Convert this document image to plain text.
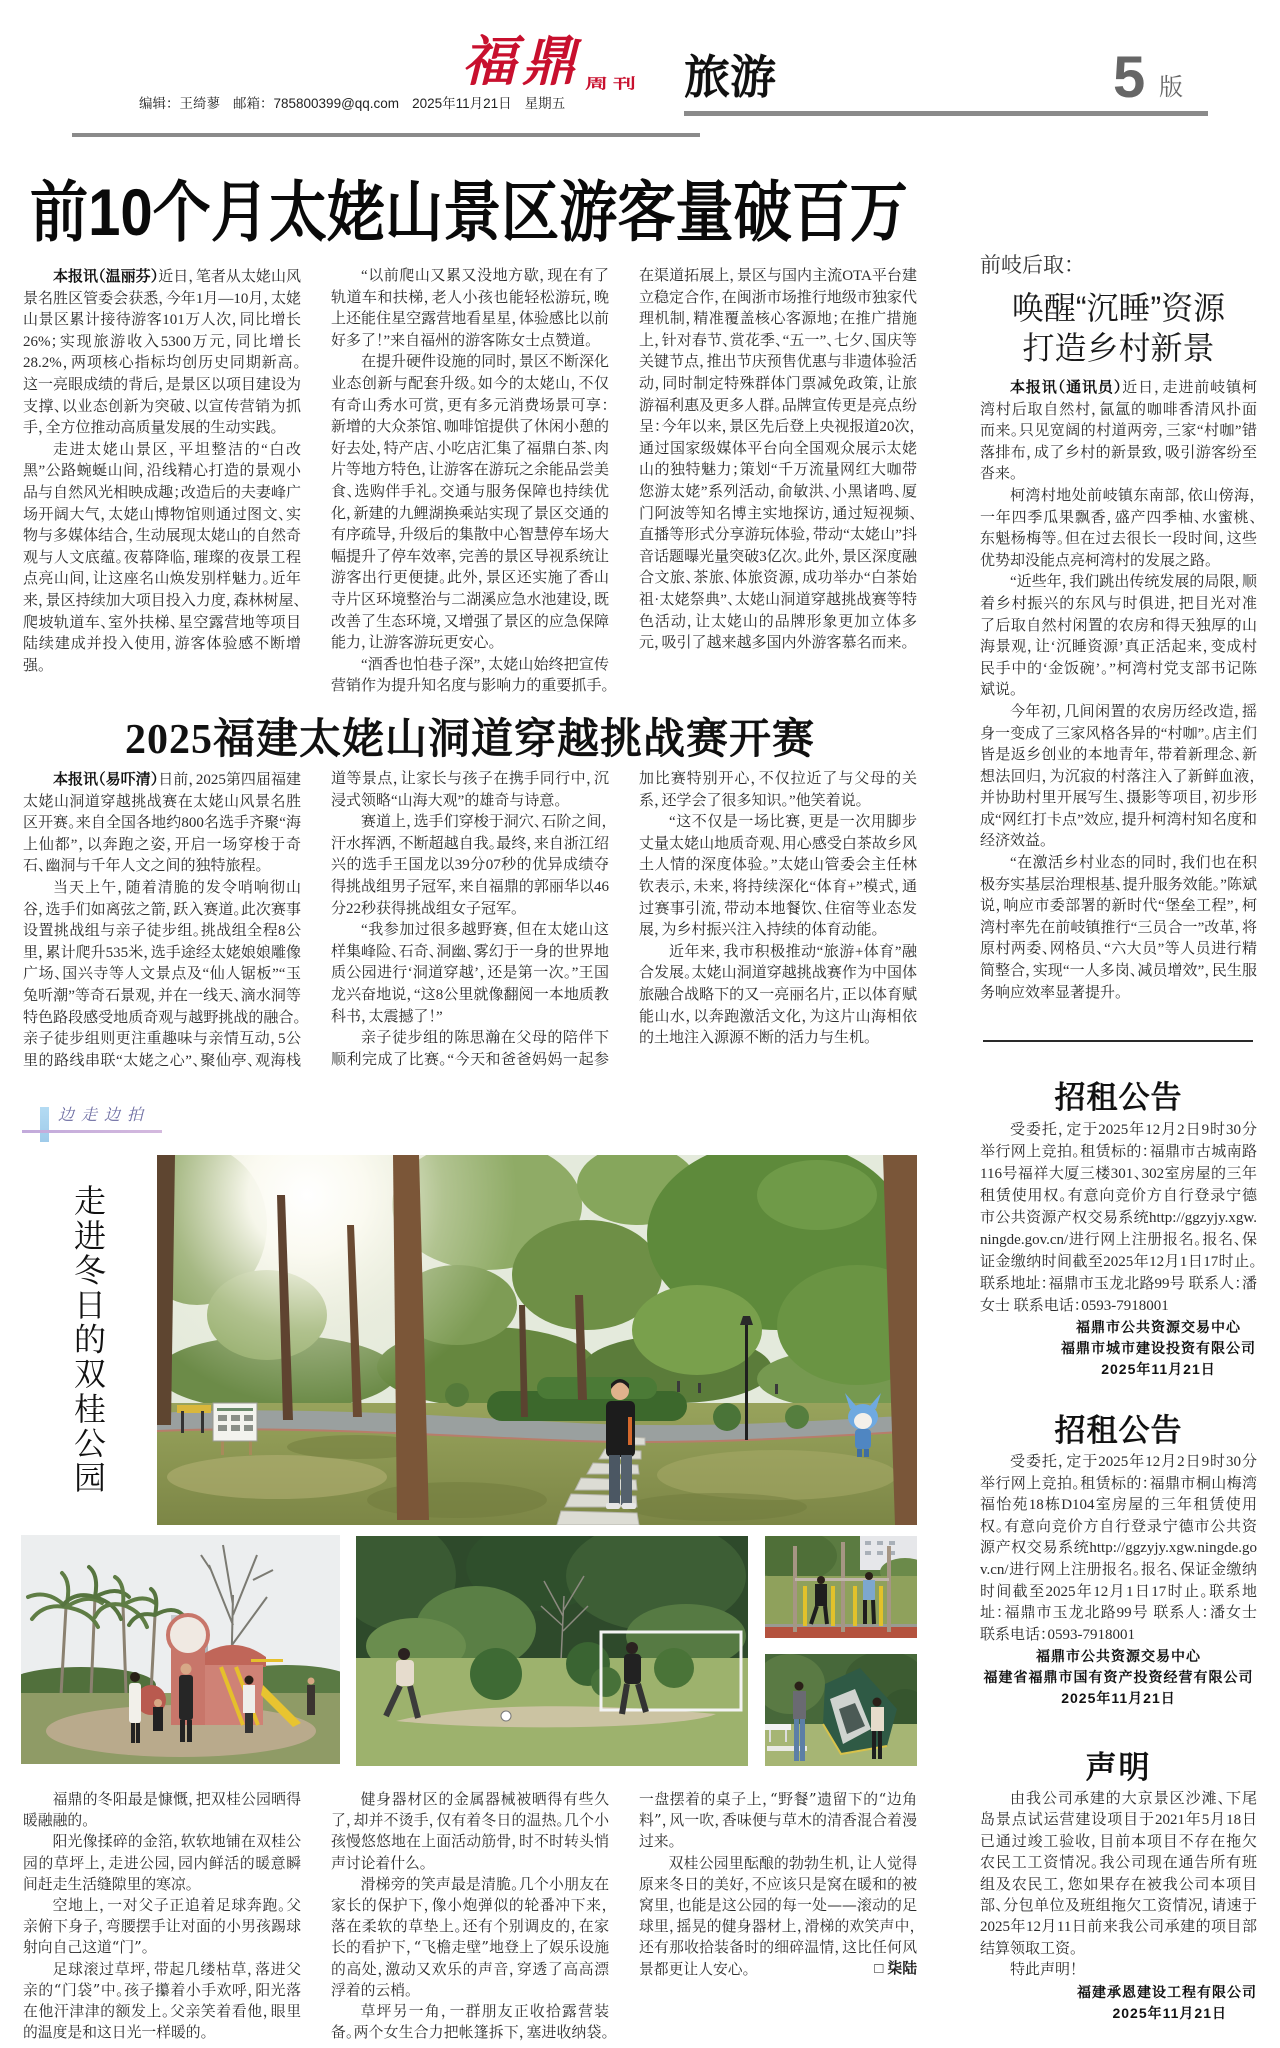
福鼎 周刊
编辑：王绮蓼 邮箱：785800399@qq.com 2025年11月21日 星期五
旅游	5 版
前10个月太姥山景区游客量破百万

本报讯（温丽芬）近日，笔者从太姥山风景名胜区管委会获悉，今年1月—10月，太姥山景区累计接待游客101万人次，同比增长26%；实现旅游收入5300万元，同比增长28.2%，两项核心指标均创历史同期新高。这一亮眼成绩的背后，是景区以项目建设为支撑、以业态创新为突破、以宣传营销为抓手，全方位推动高质量发展的生动实践。

走进太姥山景区，平坦整洁的“白改黑”公路蜿蜒山间，沿线精心打造的景观小品与自然风光相映成趣；改造后的夫妻峰广场开阔大气，太姥山博物馆则通过图文、实物与多媒体结合，生动展现太姥山的自然奇观与人文底蕴。夜幕降临，璀璨的夜景工程点亮山间，让这座名山焕发别样魅力。近年来，景区持续加大项目投入力度，森林树屋、爬坡轨道车、室外扶梯、星空露营地等项目陆续建成并投入使用，游客体验感不断增强。

“以前爬山又累又没地方歇，现在有了轨道车和扶梯，老人小孩也能轻松游玩，晚上还能住星空露营地看星星，体验感比以前好多了！”来自福州的游客陈女士点赞道。

在提升硬件设施的同时，景区不断深化业态创新与配套升级。如今的太姥山，不仅有奇山秀水可赏，更有多元消费场景可享：新增的大众茶馆、咖啡馆提供了休闲小憩的好去处，特产店、小吃店汇集了福鼎白茶、肉片等地方特色，让游客在游玩之余能品尝美食、选购伴手礼。交通与服务保障也持续优化，新建的九鲤湖换乘站实现了景区交通的有序疏导，升级后的集散中心智慧停车场大幅提升了停车效率，完善的景区导视系统让游客出行更便捷。此外，景区还实施了香山寺片区环境整治与二湖溪应急水池建设，既改善了生态环境，又增强了景区的应急保障能力，让游客游玩更安心。

“酒香也怕巷子深”，太姥山始终把宣传营销作为提升知名度与影响力的重要抓手。在渠道拓展上，景区与国内主流OTA平台建立稳定合作，在闽浙市场推行地级市独家代理机制，精准覆盖核心客源地；在推广措施上，针对春节、赏花季、“五一”、七夕、国庆等关键节点，推出节庆预售优惠与非遗体验活动，同时制定特殊群体门票减免政策，让旅游福利惠及更多人群。品牌宣传更是亮点纷呈：今年以来，景区先后登上央视报道20次，通过国家级媒体平台向全国观众展示太姥山的独特魅力；策划“千万流量网红大咖带您游太姥”系列活动，俞敏洪、小黑诸鸣、厦门阿波等知名博主实地探访，通过短视频、直播等形式分享游玩体验，带动“太姥山”抖音话题曝光量突破3亿次。此外，景区深度融合文旅、茶旅、体旅资源，成功举办“白茶始祖·太姥祭典”、太姥山洞道穿越挑战赛等特色活动，让太姥山的品牌形象更加立体多元，吸引了越来越多国内外游客慕名而来。

2025福建太姥山洞道穿越挑战赛开赛

本报讯（易吓清）日前，2025第四届福建太姥山洞道穿越挑战赛在太姥山风景名胜区开赛。来自全国各地约800名选手齐聚“海上仙都”，以奔跑之姿，开启一场穿梭于奇石、幽洞与千年人文之间的独特旅程。

当天上午，随着清脆的发令哨响彻山谷，选手们如离弦之箭，跃入赛道。此次赛事设置挑战组与亲子徒步组。挑战组全程8公里，累计爬升535米，选手途经太姥娘娘雕像广场、国兴寺等人文景点及“仙人锯板”“玉兔听潮”等奇石景观，并在一线天、滴水洞等特色路段感受地质奇观与越野挑战的融合。亲子徒步组则更注重趣味与亲情互动，5公里的路线串联“太姥之心”、聚仙亭、观海栈道等景点，让家长与孩子在携手同行中，沉浸式领略“山海大观”的雄奇与诗意。

赛道上，选手们穿梭于洞穴、石阶之间，汗水挥洒，不断超越自我。最终，来自浙江绍兴的选手王国龙以39分07秒的优异成绩夺得挑战组男子冠军，来自福鼎的郭丽华以46分22秒获得挑战组女子冠军。

“我参加过很多越野赛，但在太姥山这样集峰险、石奇、洞幽、雾幻于一身的世界地质公园进行‘洞道穿越’，还是第一次。”王国龙兴奋地说，“这8公里就像翻阅一本地质教科书，太震撼了！”

亲子徒步组的陈思瀚在父母的陪伴下顺利完成了比赛。“今天和爸爸妈妈一起参加比赛特别开心，不仅拉近了与父母的关系，还学会了很多知识。”他笑着说。

“这不仅是一场比赛，更是一次用脚步丈量太姥山地质奇观、用心感受白茶故乡风土人情的深度体验。”太姥山管委会主任林钦表示，未来，将持续深化“体育+”模式，通过赛事引流，带动本地餐饮、住宿等业态发展，为乡村振兴注入持续的体育动能。

近年来，我市积极推动“旅游+体育”融合发展。太姥山洞道穿越挑战赛作为中国体旅融合战略下的又一亮丽名片，正以体育赋能山水，以奔跑激活文化，为这片山海相依的土地注入源源不断的活力与生机。

前岐后取：
唤醒“沉睡”资源
打造乡村新景

本报讯（通讯员）近日，走进前岐镇柯湾村后取自然村，氤氲的咖啡香清风扑面而来。只见宽阔的村道两旁，三家“村咖”错落排布，成了乡村的新景致，吸引游客纷至沓来。

柯湾村地处前岐镇东南部，依山傍海，一年四季瓜果飘香，盛产四季柚、水蜜桃、东魁杨梅等。但在过去很长一段时间，这些优势却没能点亮柯湾村的发展之路。

“近些年，我们跳出传统发展的局限，顺着乡村振兴的东风与时俱进，把目光对准了后取自然村闲置的农房和得天独厚的山海景观，让‘沉睡资源’真正活起来，变成村民手中的‘金饭碗’。”柯湾村党支部书记陈斌说。

今年初，几间闲置的农房历经改造，摇身一变成了三家风格各异的“村咖”。店主们皆是返乡创业的本地青年，带着新理念、新想法回归，为沉寂的村落注入了新鲜血液，并协助村里开展写生、摄影等项目，初步形成“网红打卡点”效应，提升柯湾村知名度和经济效益。

“在激活乡村业态的同时，我们也在积极夯实基层治理根基、提升服务效能。”陈斌说，响应市委部署的新时代“堡垒工程”，柯湾村率先在前岐镇推行“三员合一”改革，将原村两委、网格员、“六大员”等人员进行精简整合，实现“一人多岗、减员增效”，民生服务响应效率显著提升。

招租公告

受委托，定于2025年12月2日9时30分举行网上竞拍。租赁标的：福鼎市古城南路116号福祥大厦三楼301、302室房屋的三年租赁使用权。有意向竞价方自行登录宁德市公共资源产权交易系统http://ggzyjy.xgw.ningde.gov.cn/进行网上注册报名。报名、保证金缴纳时间截至2025年12月1日17时止。联系地址：福鼎市玉龙北路99号 联系人：潘女士 联系电话：0593-7918001

福鼎市公共资源交易中心
福鼎市城市建设投资有限公司
2025年11月21日
招租公告

受委托，定于2025年12月2日9时30分举行网上竞拍。租赁标的：福鼎市桐山梅湾福怡苑18栋D104室房屋的三年租赁使用权。有意向竞价方自行登录宁德市公共资源产权交易系统http://ggzyjy.xgw.ningde.gov.cn/进行网上注册报名。报名、保证金缴纳时间截至2025年12月1日17时止。联系地址：福鼎市玉龙北路99号 联系人：潘女士 联系电话：0593-7918001

福鼎市公共资源交易中心
福建省福鼎市国有资产投资经营有限公司
2025年11月21日
声明

由我公司承建的大京景区沙滩、下尾岛景点试运营建设项目于2021年5月18日已通过竣工验收，目前本项目不存在拖欠农民工工资情况。我公司现在通告所有班组及农民工，您如果存在被我公司本项目部、分包单位及班组拖欠工资情况，请速于2025年12月11日前来我公司承建的项目部结算领取工资。

特此声明！

福建承恩建设工程有限公司
2025年11月21日
边走边拍
走进冬日的双桂公园

福鼎的冬阳最是慷慨，把双桂公园晒得暖融融的。

阳光像揉碎的金箔，软软地铺在双桂公园的草坪上，走进公园，园内鲜活的暖意瞬间赶走生活缝隙里的寒凉。

空地上，一对父子正追着足球奔跑。父亲俯下身子，弯腰摆手让对面的小男孩踢球射向自己这道“门”。

足球滚过草坪，带起几缕枯草，落进父亲的“门袋”中。孩子攥着小手欢呼，阳光落在他汗津津的额发上。父亲笑着看他，眼里的温度是和这日光一样暖的。

健身器材区的金属器械被晒得有些久了，却并不烫手，仅有着冬日的温热。几个小孩慢悠悠地在上面活动筋骨，时不时转头悄声讨论着什么。

滑梯旁的笑声最是清脆。几个小朋友在家长的保护下，像小炮弹似的轮番冲下来，落在柔软的草垫上。还有个别调皮的，在家长的看护下，“飞檐走壁”地登上了娱乐设施的高处，激动又欢乐的声音，穿透了高高漂浮着的云梢。

草坪另一角，一群朋友正收拾露营装备。两个女生合力把帐篷拆下，塞进收纳袋。一盘摆着的桌子上，“野餐”遗留下的“边角料”，风一吹，香味便与草木的清香混合着漫过来。

双桂公园里酝酿的勃勃生机，让人觉得原来冬日的美好，不应该只是窝在暖和的被窝里，也能是这公园的每一处——滚动的足球里，摇晃的健身器材上，滑梯的欢笑声中，还有那收拾装备时的细碎温情，这比任何风景都更让人安心。	□ 柒陆
